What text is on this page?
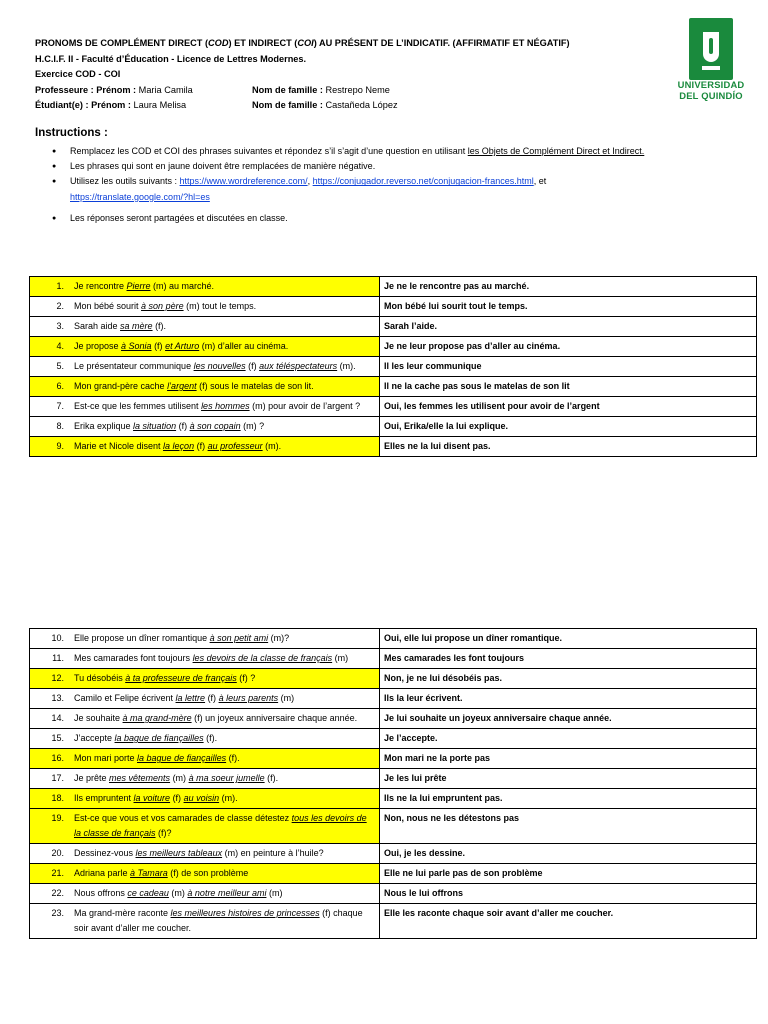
PRONOMS DE COMPLÉMENT DIRECT (COD) ET INDIRECT (COI) AU PRÉSENT DE L’INDICATIF. (AFFIRMATIF ET NÉGATIF)
H.C.I.F. II - Faculté d’Éducation - Licence de Lettres Modernes.
Exercice COD - COI
Professeure : Prénom : Maria Camila	Nom de famille : Restrepo Neme
Étudiant(e) : Prénom : Laura Melisa	Nom de famille : Castañeda López
UNIVERSIDAD
DEL QUINDÍO
Instructions :
● Remplacez les COD et COI des phrases suivantes et répondez s’il s’agit d’une question en utilisant les Objets de Complément Direct et Indirect.
● Les phrases qui sont en jaune doivent être remplacées de manière négative.
● Utilisez les outils suivants : https://www.wordreference.com/, https://conjugador.reverso.net/conjugacion-frances.html, et
https://translate.google.com/?hl=es
● Les réponses seront partagées et discutées en classe.
1. Je rencontre Pierre (m) au marché.	Je ne le rencontre pas au marché.

2. Mon bébé sourit à son père (m) tout le temps.	Mon bébé lui sourit tout le temps.

3. Sarah aide sa mère (f).	Sarah l’aide.

4. Je propose à Sonia (f) et Arturo (m) d’aller au cinéma.	Je ne leur propose pas d’aller au cinéma.

5. Le présentateur communique les nouvelles (f) aux téléspectateurs (m).	Il les leur communique

6. Mon grand-père cache l’argent (f) sous le matelas de son lit.	Il ne la cache pas sous le matelas de son lit

7. Est-ce que les femmes utilisent les hommes (m) pour avoir de l’argent ?	Oui, les femmes les utilisent pour avoir de l’argent

8. Erika explique la situation (f) à son copain (m) ?	Oui, Erika/elle la lui explique.

9. Marie et Nicole disent la leçon (f) au professeur (m).	Elles ne la lui disent pas.
10. Elle propose un dîner romantique à son petit ami (m)?	Oui, elle lui propose un dîner romantique.

11. Mes camarades font toujours les devoirs de la classe de français (m)	Mes camarades les font toujours

12. Tu désobéis à ta professeure de français (f) ?	Non, je ne lui désobéis pas.

13. Camilo et Felipe écrivent la lettre (f) à leurs parents (m)	Ils la leur écrivent.

14. Je souhaite à ma grand-mère (f) un joyeux anniversaire chaque année.	Je lui souhaite un joyeux anniversaire chaque année.

15. J’accepte la bague de fiançailles (f).	Je l’accepte.

16. Mon mari porte la bague de fiançailles (f).	Mon mari ne la porte pas

17. Je prête mes vêtements (m) à ma soeur jumelle (f).	Je les lui prête

18. Ils empruntent la voiture (f) au voisin (m).	Ils ne la lui empruntent pas.

19. Est-ce que vous et vos camarades de classe détestez tous les devoirs de la classe de français (f)?	Non, nous ne les détestons pas

20. Dessinez-vous les meilleurs tableaux (m) en peinture à l’huile?	Oui, je les dessine.

21. Adriana parle à Tamara (f) de son problème	Elle ne lui parle pas de son problème

22. Nous offrons ce cadeau (m) à notre meilleur ami (m)	Nous le lui offrons

23. Ma grand-mère raconte les meilleures histoires de princesses (f) chaque soir avant d’aller me coucher.	Elle les raconte chaque soir avant d’aller me coucher.
